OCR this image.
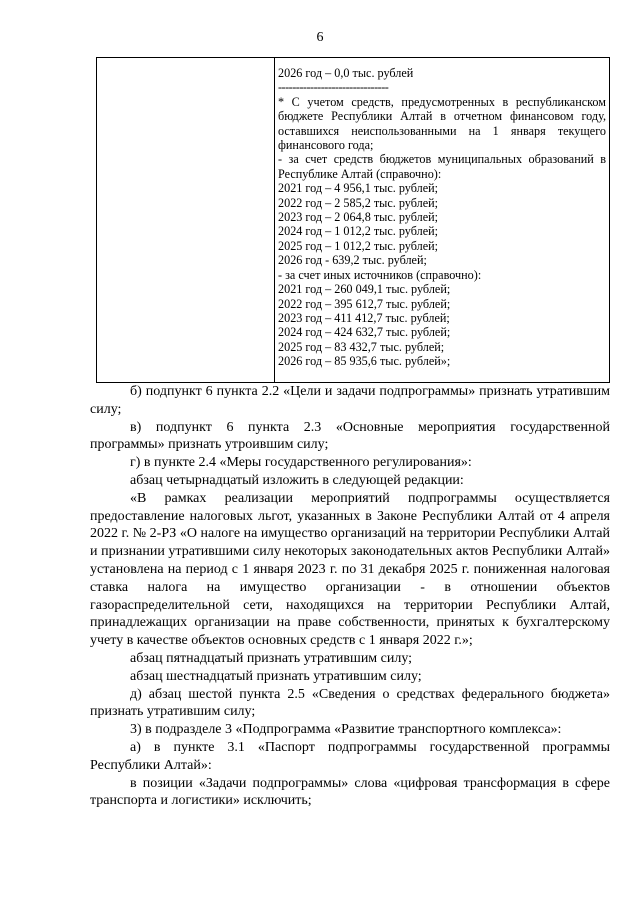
6
2026 год – 0,0 тыс. рублей
-------------------------------
* С учетом средств, предусмотренных в республиканском бюджете Республики Алтай в отчетном финансовом году, оставшихся неиспользованными на 1 января текущего финансового года;
- за счет средств бюджетов муниципальных образований в Республике Алтай (справочно):
2021 год – 4 956,1 тыс. рублей;
2022 год – 2 585,2 тыс. рублей;
2023 год – 2 064,8 тыс. рублей;
2024 год – 1 012,2 тыс. рублей;
2025 год – 1 012,2 тыс. рублей;
2026 год - 639,2 тыс. рублей;
- за счет иных источников (справочно):
2021 год – 260 049,1 тыс. рублей;
2022 год – 395 612,7 тыс. рублей;
2023 год – 411 412,7 тыс. рублей;
2024 год – 424 632,7 тыс. рублей;
2025 год – 83 432,7 тыс. рублей;
2026 год – 85 935,6 тыс. рублей»;

б) подпункт 6 пункта 2.2 «Цели и задачи подпрограммы» признать утратившим силу;

в) подпункт 6 пункта 2.3 «Основные мероприятия государственной программы» признать утроившим силу;

г) в пункте 2.4 «Меры государственного регулирования»:

абзац четырнадцатый изложить в следующей редакции:

«В рамках реализации мероприятий подпрограммы осуществляется предоставление налоговых льгот, указанных в Законе Республики Алтай от 4 апреля 2022 г. № 2-РЗ «О налоге на имущество организаций на территории Республики Алтай и признании утратившими силу некоторых законодательных актов Республики Алтай» установлена на период с 1 января 2023 г. по 31 декабря 2025 г. пониженная налоговая ставка налога на имущество организации - в отношении объектов газораспределительной сети, находящихся на территории Республики Алтай, принадлежащих организации на праве собственности, принятых к бухгалтерскому учету в качестве объектов основных средств с 1 января 2022 г.»;

абзац пятнадцатый признать утратившим силу;

абзац шестнадцатый признать утратившим силу;

д) абзац шестой пункта 2.5 «Сведения о средствах федерального бюджета» признать утратившим силу;

3) в подразделе 3 «Подпрограмма «Развитие транспортного комплекса»:

а) в пункте 3.1 «Паспорт подпрограммы государственной программы Республики Алтай»:

в позиции «Задачи подпрограммы» слова «цифровая трансформация в сфере транспорта и логистики» исключить;
